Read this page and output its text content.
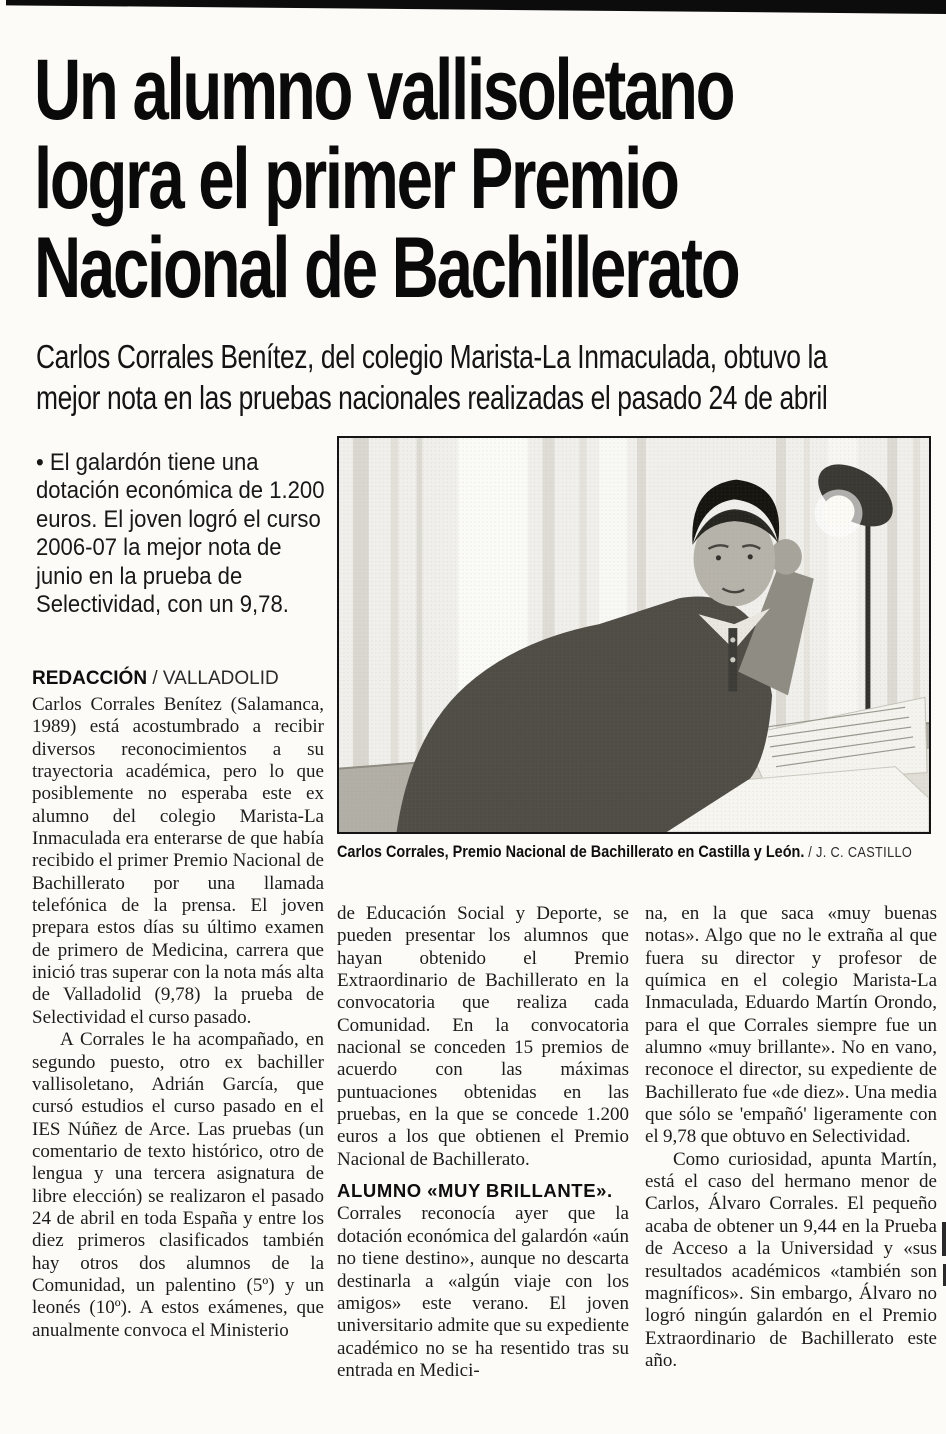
Un alumno vallisoletano
logra el primer Premio
Nacional de Bachillerato
Carlos Corrales Benítez, del colegio Marista-La Inmaculada, obtuvo la
mejor nota en las pruebas nacionales realizadas el pasado 24 de abril
• El galardón tiene una dotación económica de 1.200 euros. El joven logró el curso 2006-07 la mejor nota de junio en la prueba de Selectividad, con un 9,78.
REDACCIÓN / VALLADOLID
Carlos Corrales, Premio Nacional de Bachillerato en Castilla y León. / J. C. CASTILLO

Carlos Corrales Benítez (Salamanca, 1989) está acostumbrado a recibir diversos reconocimientos a su trayectoria académica, pero lo que posiblemente no esperaba este ex alumno del colegio Marista-La Inmaculada era enterarse de que había recibido el primer Premio Nacional de Bachillerato por una llamada telefónica de la prensa. El joven prepara estos días su último examen de primero de Medicina, carrera que inició tras superar con la nota más alta de Valladolid (9,78) la prueba de Selectividad el curso pasado.

A Corrales le ha acompañado, en segundo puesto, otro ex bachiller vallisoletano, Adrián García, que cursó estudios el curso pasado en el IES Núñez de Arce. Las pruebas (un comentario de texto histórico, otro de lengua y una tercera asignatura de libre elección) se realizaron el pasado 24 de abril en toda España y entre los diez primeros clasificados también hay otros dos alumnos de la Comunidad, un palentino (5º) y un leonés (10º). A estos exámenes, que anualmente convoca el Ministerio

de Educación Social y Deporte, se pueden presentar los alumnos que hayan obtenido el Premio Extraordinario de Bachillerato en la convocatoria que realiza cada Comunidad. En la convocatoria nacional se conceden 15 premios de acuerdo con las máximas puntuaciones obtenidas en las pruebas, en la que se concede 1.200 euros a los que obtienen el Premio Nacional de Bachillerato.

ALUMNO «MUY BRILLANTE».

Corrales reconocía ayer que la dotación económica del galardón «aún no tiene destino», aunque no descarta destinarla a «algún viaje con los amigos» este verano. El joven universitario admite que su expediente académico no se ha resentido tras su entrada en Medici-

na, en la que saca «muy buenas notas». Algo que no le extraña al que fuera su director y profesor de química en el colegio Marista-La Inmaculada, Eduardo Martín Orondo, para el que Corrales siempre fue un alumno «muy brillante». No en vano, reconoce el director, su expediente de Bachillerato fue «de diez». Una media que sólo se 'empañó' ligeramente con el 9,78 que obtuvo en Selectividad.

Como curiosidad, apunta Martín, está el caso del hermano menor de Carlos, Álvaro Corrales. El pequeño acaba de obtener un 9,44 en la Prueba de Acceso a la Universidad y «sus resultados académicos «también son magníficos». Sin embargo, Álvaro no logró ningún galardón en el Premio Extraordinario de Bachillerato este año.
